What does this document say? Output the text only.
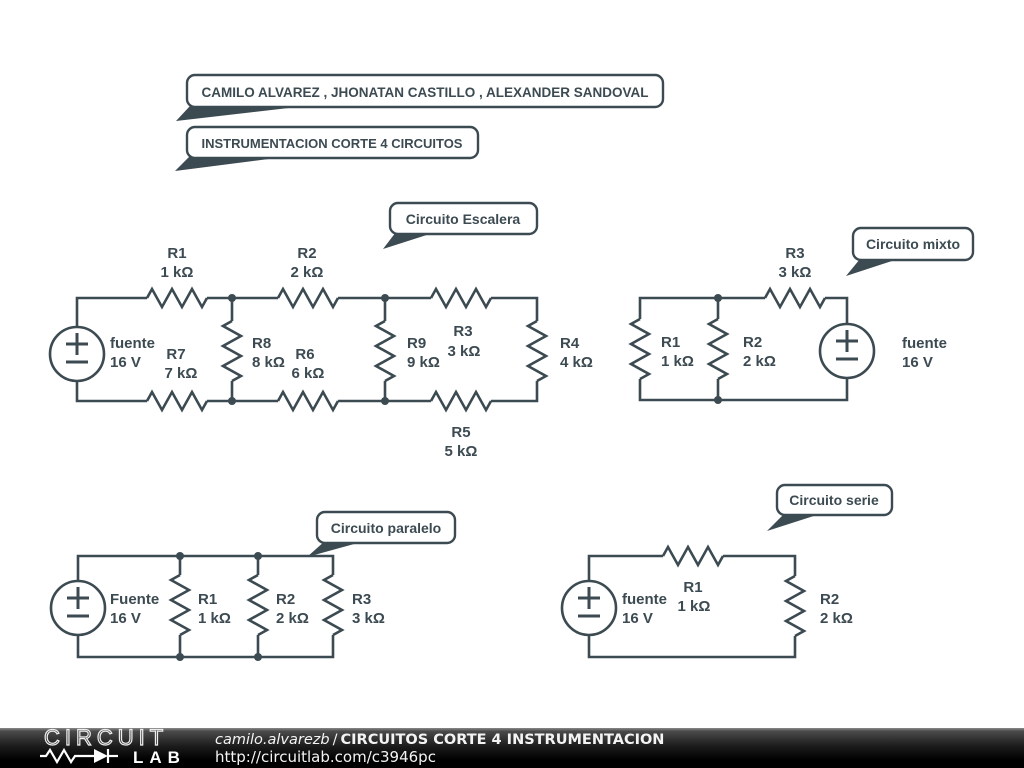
CAMILO ALVAREZ , JHONATAN CASTILLO , ALEXANDER SANDOVAL
INSTRUMENTACION CORTE 4 CIRCUITOS
R1
1 kΩ
R2
2 kΩ
R3
3 kΩ	R4
4 kΩ
R5
5 kΩ
R6
6 kΩ
R7
7 kΩ
R8
8 kΩ
R9
9 kΩ
fuente
16 V
Circuito Escalera
R3
3 kΩ
R1
1 kΩ
R2
2 kΩ
fuente
16 V
Circuito mixto
Fuente
16 V
R1
1 kΩ
R2
2 kΩ
R3
3 kΩ
Circuito paralelo
fuente
16 V
R1
1 kΩ	R2
2 kΩ
Circuito serie
CIRCUIT
LAB
camilo.alvarezb / CIRCUITOS CORTE 4 INSTRUMENTACION
http://circuitlab.com/c3946pc
